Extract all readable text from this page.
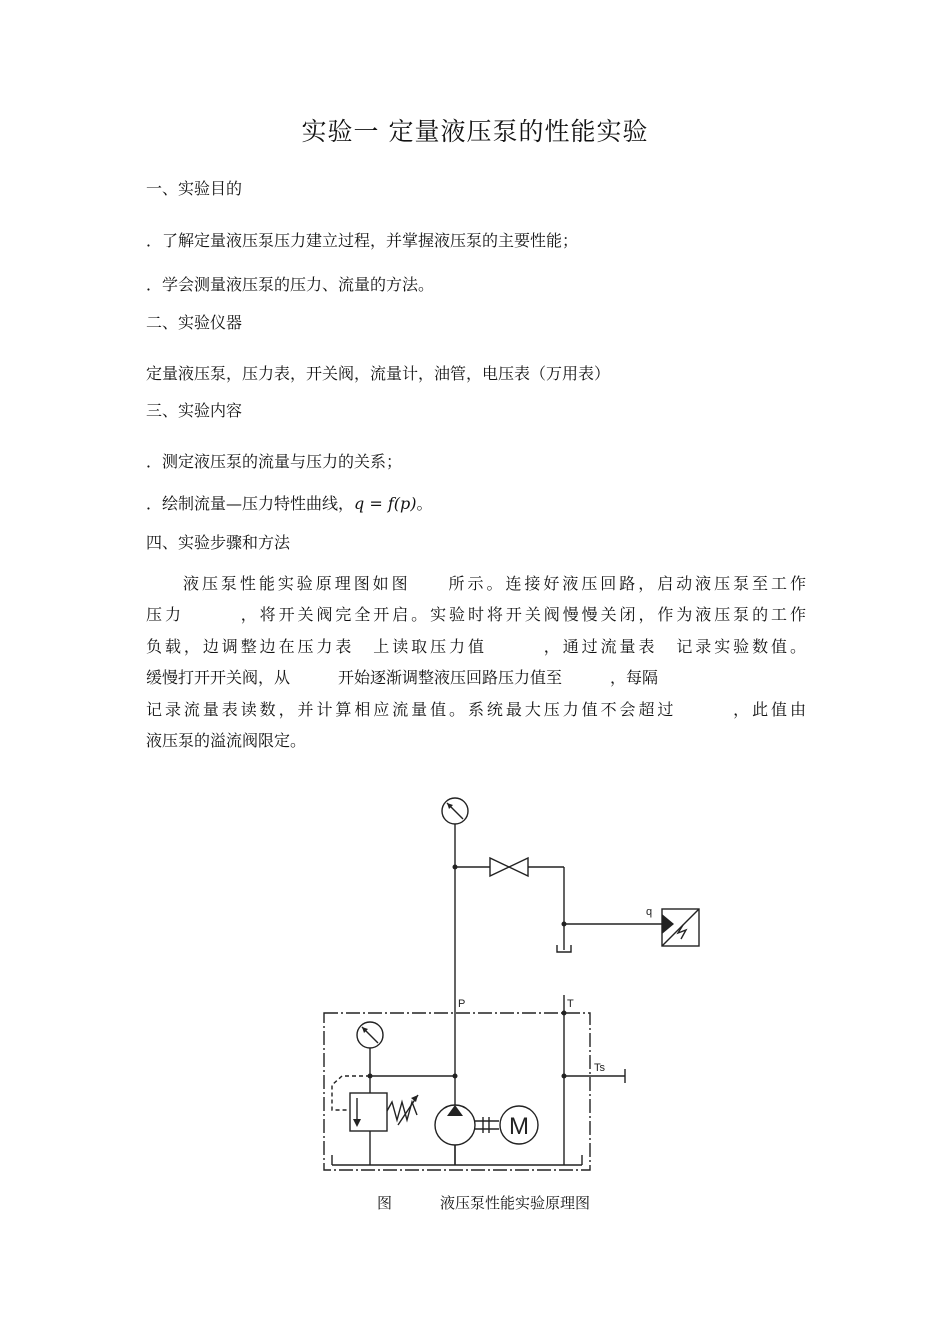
实验一 定量液压泵的性能实验
一、实验目的
．了解定量液压泵压力建立过程，并掌握液压泵的主要性能；
．学会测量液压泵的压力、流量的方法。
二、实验仪器
定量液压泵，压力表，开关阀，流量计，油管，电压表（万用表）
三、实验内容
．测定液压泵的流量与压力的关系；
．绘制流量—压力特性曲线，q = f(p)。
四、实验步骤和方法

液压泵性能实验原理图如图　　所示。连接好液压回路，启动液压泵至工作

压力　　　，将开关阀完全开启。实验时将开关阀慢慢关闭，作为液压泵的工作

负载，边调整边在压力表　上读取压力值　　　，通过流量表　记录实验数值。

缓慢打开开关阀，从　　　开始逐渐调整液压回路压力值至　　　，每隔

记录流量表读数，并计算相应流量值。系统最大压力值不会超过　　　，此值由

液压泵的溢流阀限定。

q
P	T
Ts
M
图	液压泵性能实验原理图
